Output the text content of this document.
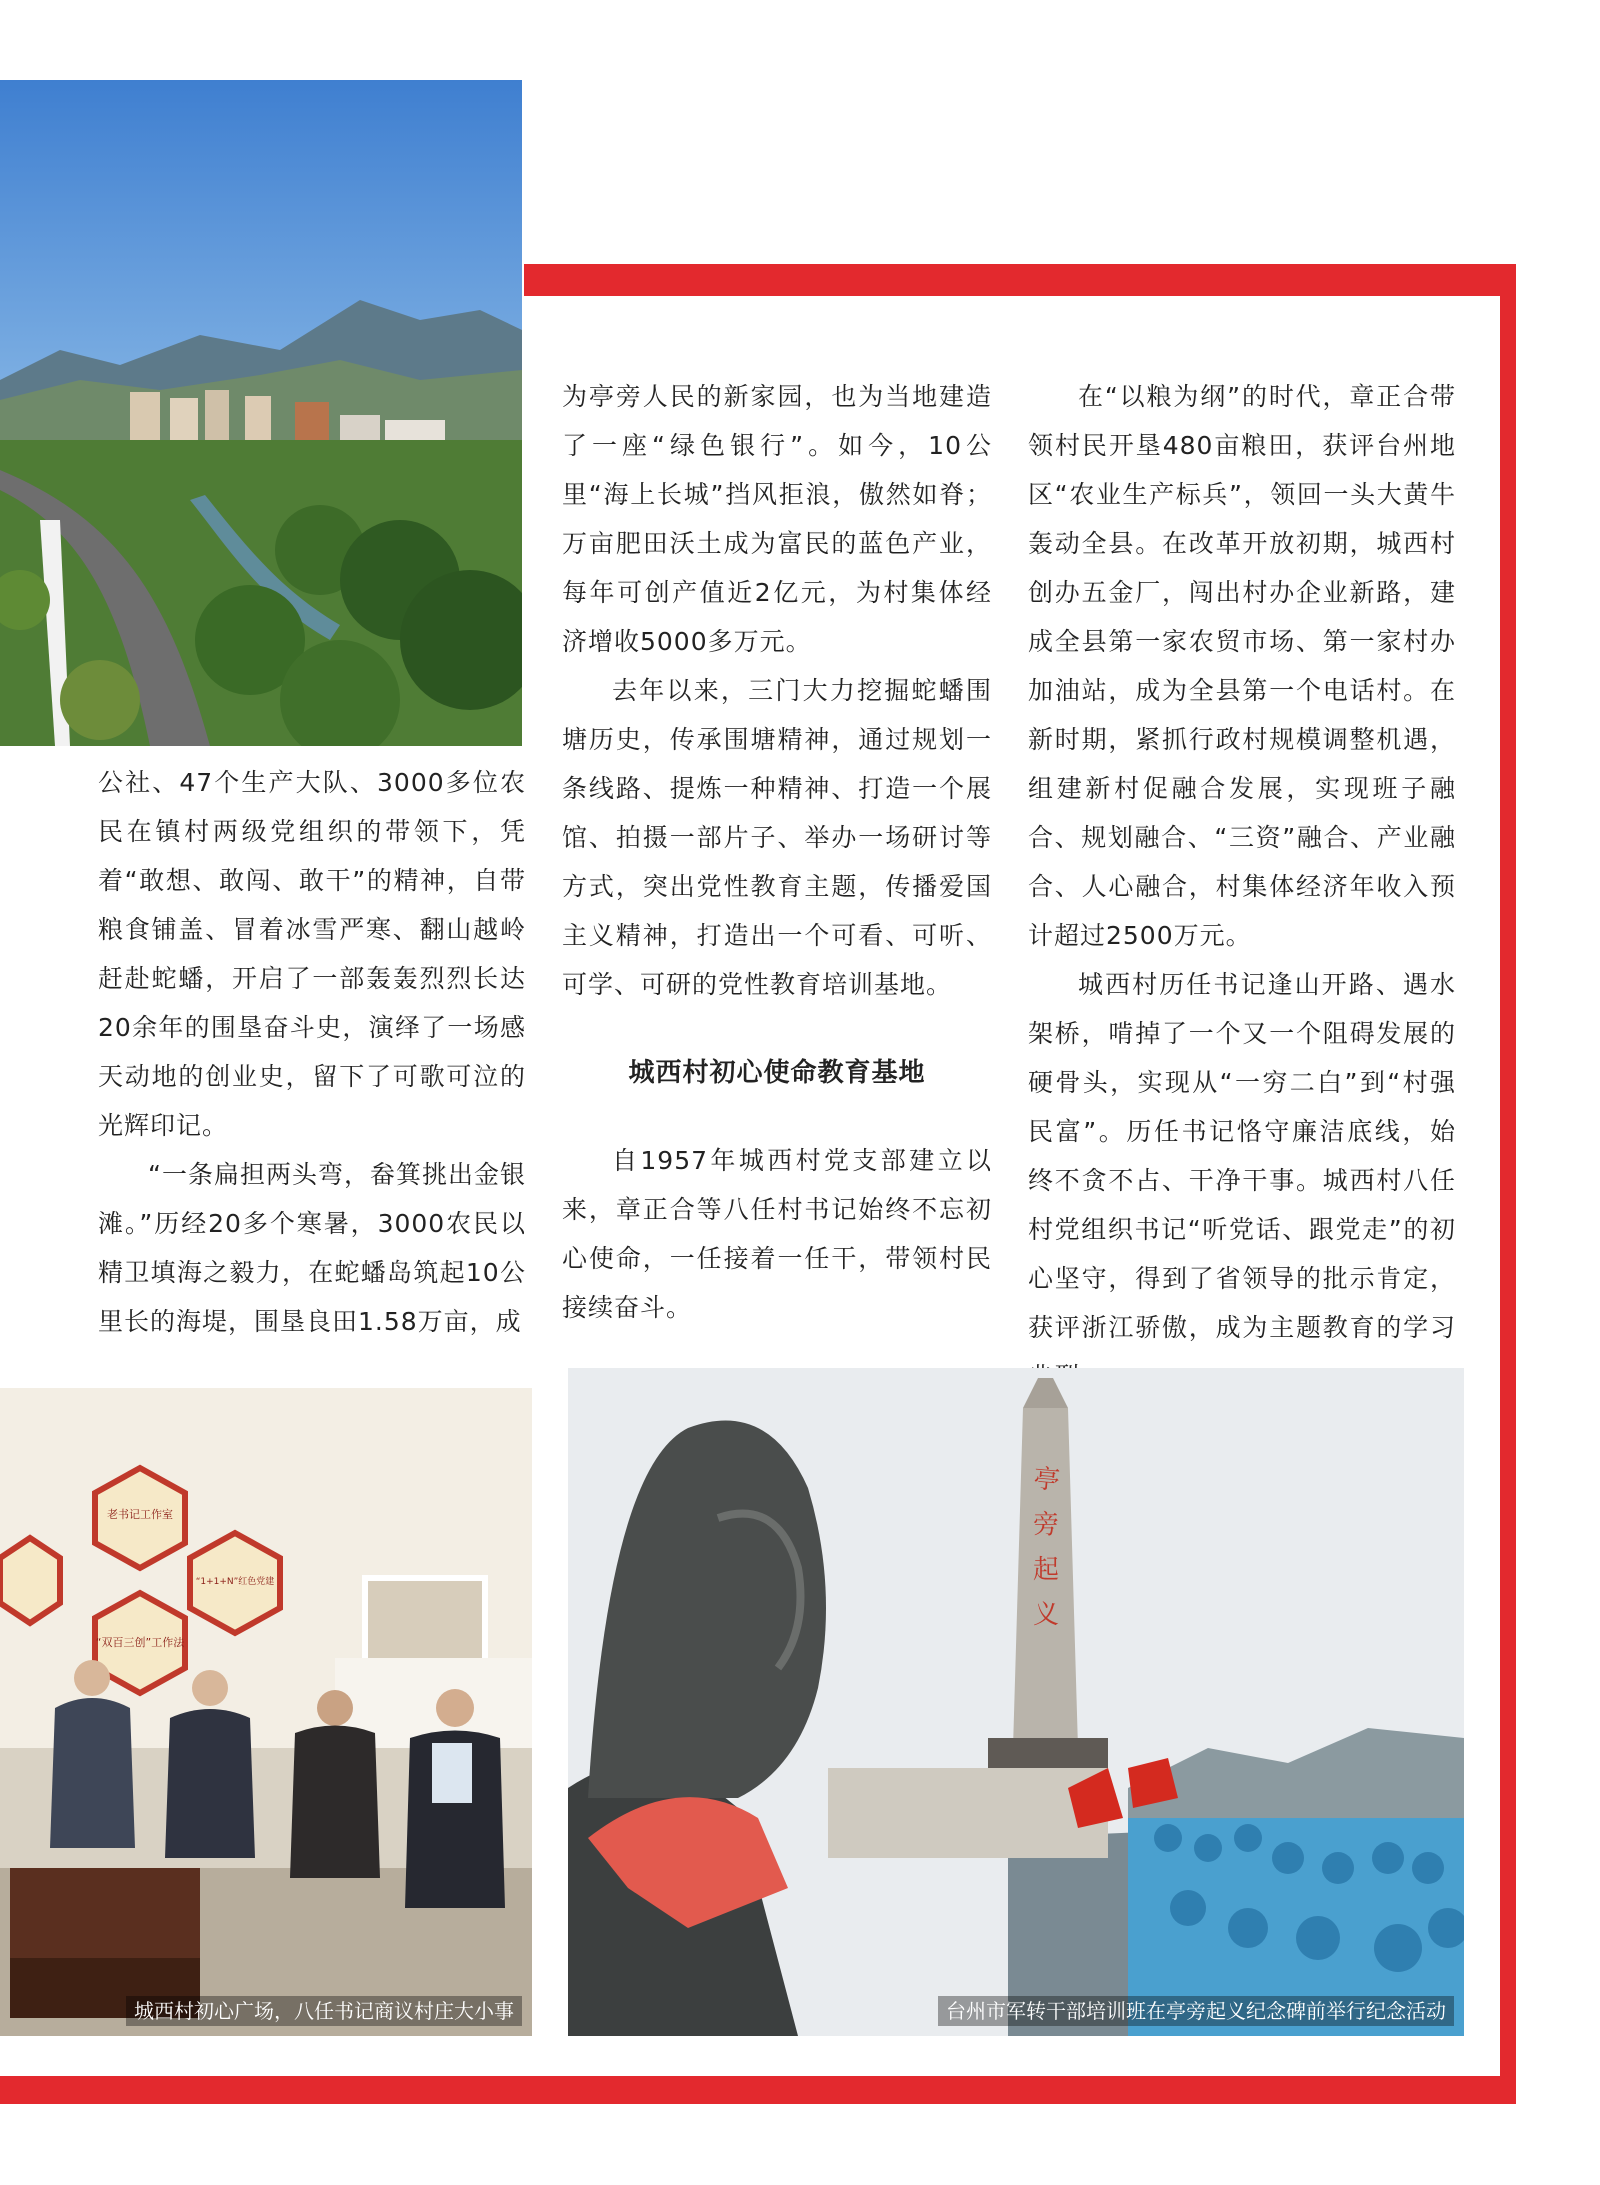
公社、47个生产大队、3000多位农民在镇村两级党组织的带领下，凭着“敢想、敢闯、敢干”的精神，自带粮食铺盖、冒着冰雪严寒、翻山越岭赶赴蛇蟠，开启了一部轰轰烈烈长达20余年的围垦奋斗史，演绎了一场感天动地的创业史，留下了可歌可泣的光辉印记。

“一条扁担两头弯，畚箕挑出金银滩。”历经20多个寒暑，3000农民以精卫填海之毅力，在蛇蟠岛筑起10公里长的海堤，围垦良田1.58万亩，成

为亭旁人民的新家园，也为当地建造了一座“绿色银行”。如今，10公里“海上长城”挡风拒浪，傲然如脊；万亩肥田沃土成为富民的蓝色产业，每年可创产值近2亿元，为村集体经济增收5000多万元。

去年以来，三门大力挖掘蛇蟠围塘历史，传承围塘精神，通过规划一条线路、提炼一种精神、打造一个展馆、拍摄一部片子、举办一场研讨等方式，突出党性教育主题，传播爱国主义精神，打造出一个可看、可听、可学、可研的党性教育培训基地。

城西村初心使命教育基地

自1957年城西村党支部建立以来，章正合等八任村书记始终不忘初心使命，一任接着一任干，带领村民接续奋斗。

在“以粮为纲”的时代，章正合带领村民开垦480亩粮田，获评台州地区“农业生产标兵”，领回一头大黄牛轰动全县。在改革开放初期，城西村创办五金厂，闯出村办企业新路，建成全县第一家农贸市场、第一家村办加油站，成为全县第一个电话村。在新时期，紧抓行政村规模调整机遇，组建新村促融合发展，实现班子融合、规划融合、“三资”融合、产业融合、人心融合，村集体经济年收入预计超过2500万元。

城西村历任书记逢山开路、遇水架桥，啃掉了一个又一个阻碍发展的硬骨头，实现从“一穷二白”到“村强民富”。历任书记恪守廉洁底线，始终不贪不占、干净干事。城西村八任村党组织书记“听党话、跟党走”的初心坚守，得到了省领导的批示肯定，获评浙江骄傲，成为主题教育的学习

老书记工作室
“双百三创”工作法
“1+1+N”红色党建
城西村初心广场，八任书记商议村庄大小事
亭
旁
起
义
台州市军转干部培训班在亭旁起义纪念碑前举行纪念活动
